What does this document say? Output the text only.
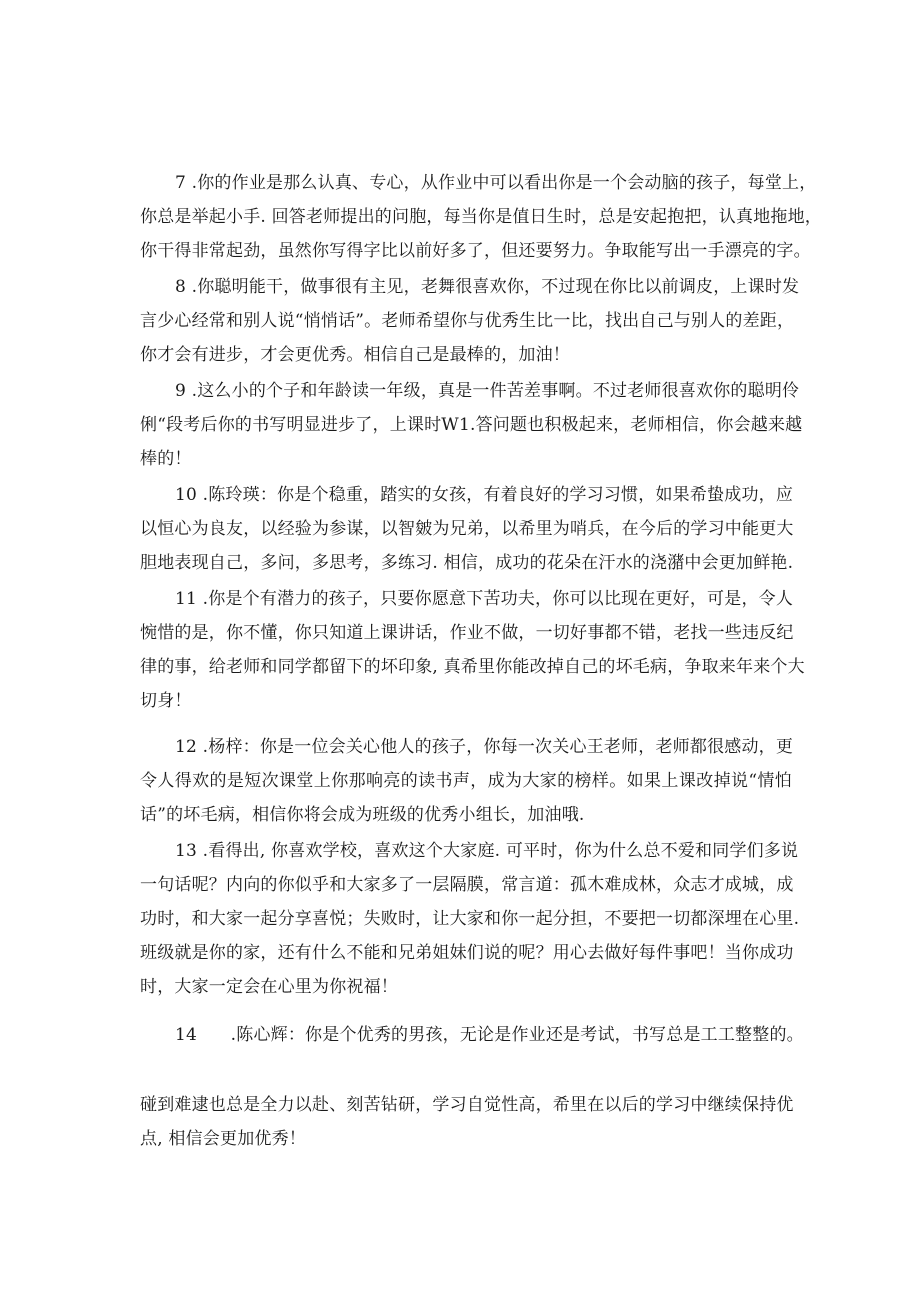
7 .你的作业是那么认真、专心，从作业中可以看出你是一个会动脑的孩子，每堂上，
你总是举起小手. 回答老师提出的问胞，每当你是值日生时，总是安起抱把，认真地拖地，
你干得非常起劲，虽然你写得字比以前好多了，但还要努力。争取能写出一手漂亮的字。
8 .你聪明能干，做事很有主见，老舞很喜欢你，不过现在你比以前调皮，上课时发
言少心经常和别人说“悄悄话”。老师希望你与优秀生比一比，找出自己与别人的差距，
你才会有进步，才会更优秀。相信自己是最棒的，加油！
9 .这么小的个子和年龄读一年级，真是一件苦差事啊。不过老师很喜欢你的聪明伶
俐“段考后你的书写明显进步了，上课时W1.答问题也积极起来，老师相信，你会越来越
棒的！
10 .陈玲瑛：你是个稳重，踏实的女孩，有着良好的学习习惯，如果希蛰成功，应
以恒心为良友，以经验为参谋，以智皴为兄弟，以希里为哨兵，在今后的学习中能更大
胆地表现自己，多问，多思考，多练习. 相信，成功的花朵在汗水的浇潴中会更加鲜艳.
11 .你是个有潜力的孩子，只要你愿意下苦功夫，你可以比现在更好，可是，令人
惋惜的是，你不懂，你只知道上课讲话，作业不做，一切好事都不错，老找一些违反纪
律的事，给老师和同学都留下的坏印象, 真希里你能改掉自己的坏毛病，争取来年来个大
切身！
12 .杨梓：你是一位会关心他人的孩子，你每一次关心王老师，老师都很感动，更
令人得欢的是短次课堂上你那响亮的读书声，成为大家的榜样。如果上课改掉说“情怕
话”的坏毛病，相信你将会成为班级的优秀小组长，加油哦.
13 .看得出, 你喜欢学校，喜欢这个大家庭. 可平时，你为什么总不爱和同学们多说
一句话呢？内向的你似乎和大家多了一层隔膜，常言道：孤木难成林，众志才成城，成
功时，和大家一起分享喜悦；失败时，让大家和你一起分担，不要把一切都深埋在心里.
班级就是你的家，还有什么不能和兄弟姐妹们说的呢？用心去做好每件事吧！当你成功
时，大家一定会在心里为你祝福！
14      .陈心辉：你是个优秀的男孩，无论是作业还是考试，书写总是工工整整的。
碰到难逮也总是全力以赴、刻苦钻研，学习自觉性高，希里在以后的学习中继续保持优
点, 相信会更加优秀！
